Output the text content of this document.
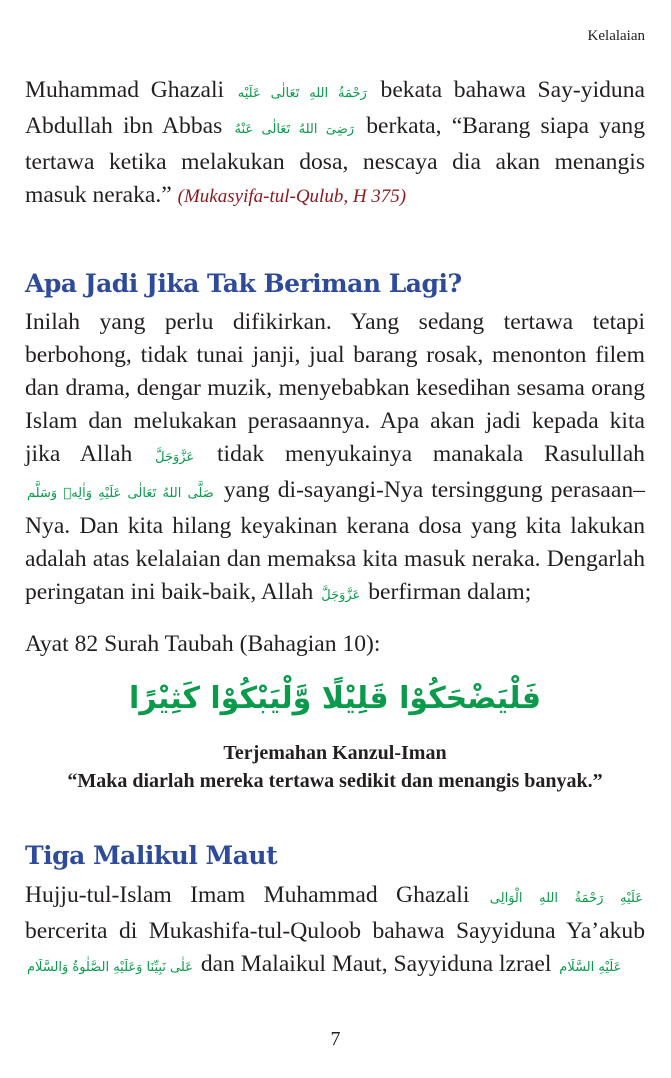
Kelalaian

Muhammad Ghazali رَحْمَةُ اللهِ تَعَالٰی عَلَيْه bekata bahawa Say-yiduna Abdullah ibn Abbas رَضِیَ اللهُ تَعَالٰی عَنْهُ berkata, “Barang siapa yang tertawa ketika melakukan dosa, nescaya dia akan menangis masuk neraka.” (Mukasyifa-tul-Qulub, H 375)

Apa Jadi Jika Tak Beriman Lagi?

Inilah yang perlu difikirkan. Yang sedang tertawa tetapi berbohong, tidak tunai janji, jual barang rosak, menonton filem dan drama, dengar muzik, menyebabkan kesedihan sesama orang Islam dan melukakan perasaannya. Apa akan jadi kepada kita jika Allah عَزَّوَجَلَّ tidak menyukainya manakala Rasulullah صَلَّى اللهُ تَعَالٰی عَلَيْهِ وَاٰلِهٖ وَسَلَّم yang di-sayangi-Nya tersinggung perasaan–Nya. Dan kita hilang keyakinan kerana dosa yang kita lakukan adalah atas kelalaian dan memaksa kita masuk neraka. Dengarlah peringatan ini baik-baik, Allah عَزَّوَجَلَّ berfirman dalam;

Ayat 82 Surah Taubah (Bahagian 10):

فَلْيَضْحَكُوْا قَلِيْلًا وَّلْيَبْكُوْا كَثِيْرًا
Terjemahan Kanzul-Iman
“Maka diarlah mereka tertawa sedikit dan menangis banyak.”
Tiga Malikul Maut

Hujju-tul-Islam Imam Muhammad Ghazali عَلَيْهِ رَحْمَةُ اللهِ الْوَالِی bercerita di Mukashifa-tul-Quloob bahawa Sayyiduna Ya’akub عَلٰی نَبِيِّنَا وَعَلَيْهِ الصَّلٰوةُ وَالسَّلَام dan Malaikul Maut, Sayyiduna lzrael عَلَيْهِ السَّلَام

7
